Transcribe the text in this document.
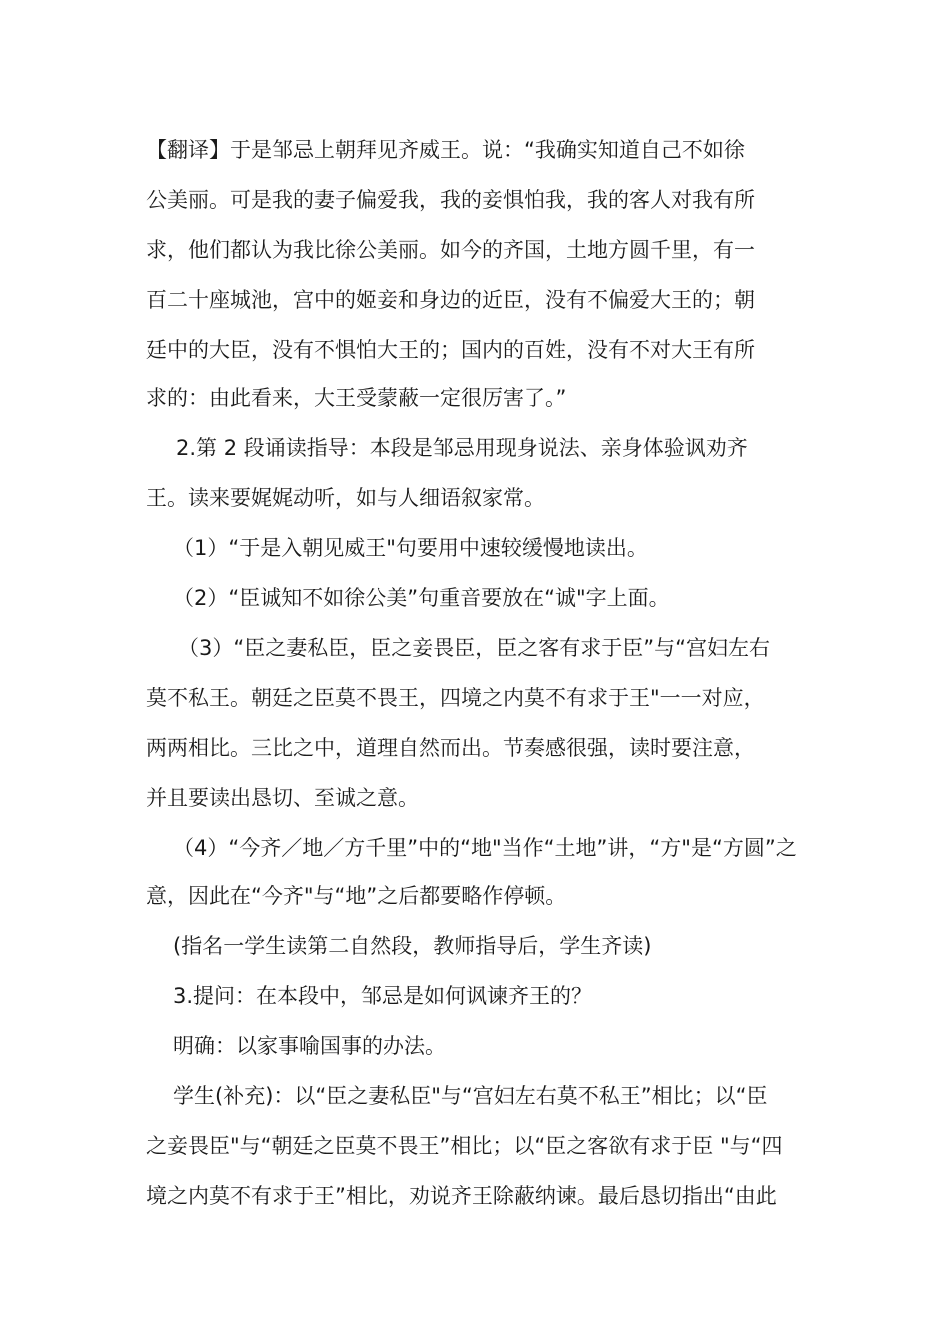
【翻译】于是邹忌上朝拜见齐威王。说：“我确实知道自己不如徐
公美丽。可是我的妻子偏爱我，我的妾惧怕我，我的客人对我有所
求，他们都认为我比徐公美丽。如今的齐国，土地方圆千里，有一
百二十座城池，宫中的姬妾和身边的近臣，没有不偏爱大王的；朝
廷中的大臣，没有不惧怕大王的；国内的百姓，没有不对大王有所
求的：由此看来，大王受蒙蔽一定很厉害了。”
2.第 2 段诵读指导：本段是邹忌用现身说法、亲身体验讽劝齐
王。读来要娓娓动听，如与人细语叙家常。
（1）“于是入朝见威王"句要用中速较缓慢地读出。
（2）“臣诚知不如徐公美”句重音要放在“诚"字上面。
（3）“臣之妻私臣，臣之妾畏臣，臣之客有求于臣”与“宫妇左右
莫不私王。朝廷之臣莫不畏王，四境之内莫不有求于王"一一对应，
两两相比。三比之中，道理自然而出。节奏感很强，读时要注意，
并且要读出恳切、至诚之意。
（4）“今齐／地／方千里”中的“地"当作“土地”讲，“方"是“方圆”之
意，因此在“今齐"与“地”之后都要略作停顿。
(指名一学生读第二自然段，教师指导后，学生齐读)
3.提问：在本段中，邹忌是如何讽谏齐王的？
明确：以家事喻国事的办法。
学生(补充)：以“臣之妻私臣"与“宫妇左右莫不私王”相比；以“臣
之妾畏臣"与“朝廷之臣莫不畏王”相比；以“臣之客欲有求于臣 "与“四
境之内莫不有求于王”相比，劝说齐王除蔽纳谏。最后恳切指出“由此
